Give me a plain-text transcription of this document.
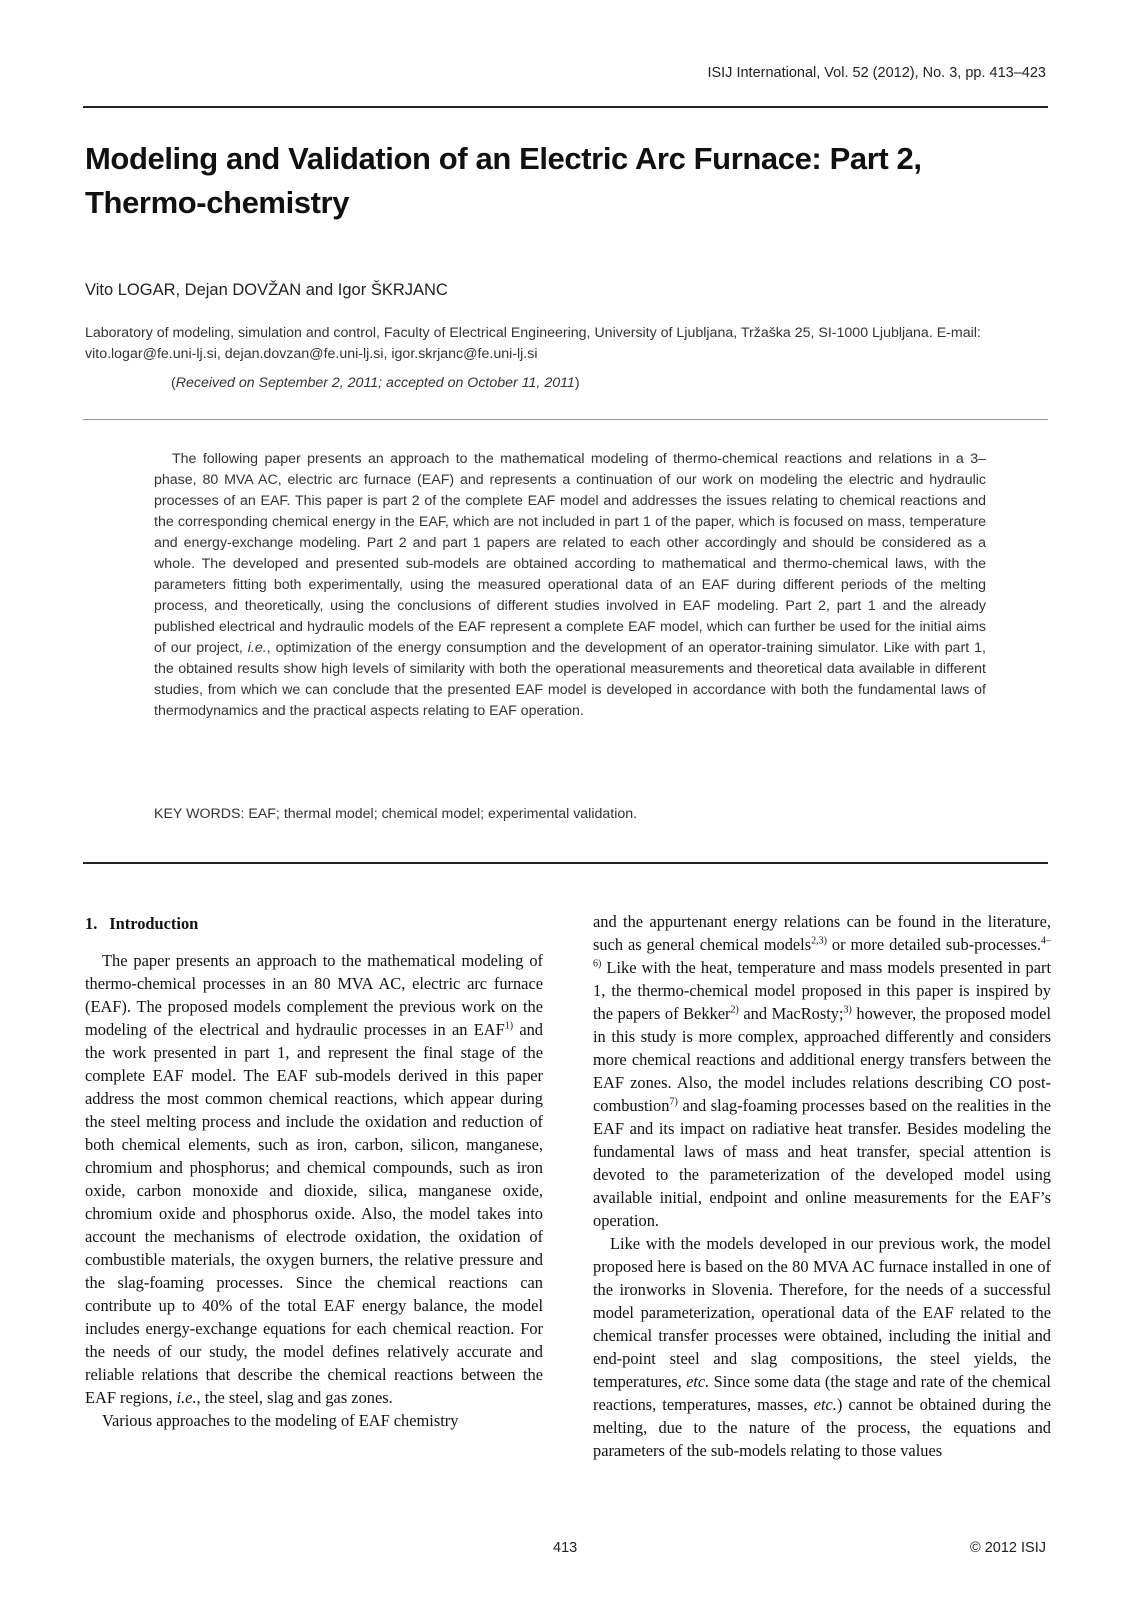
ISIJ International, Vol. 52 (2012), No. 3, pp. 413–423
Modeling and Validation of an Electric Arc Furnace: Part 2,
Thermo-chemistry
Vito LOGAR, Dejan DOVŽAN and Igor ŠKRJANC
Laboratory of modeling, simulation and control, Faculty of Electrical Engineering, University of Ljubljana, Tržaška 25, SI-1000 Ljubljana. E-mail: vito.logar@fe.uni-lj.si, dejan.dovzan@fe.uni-lj.si, igor.skrjanc@fe.uni-lj.si
(Received on September 2, 2011; accepted on October 11, 2011)

The following paper presents an approach to the mathematical modeling of thermo-chemical reactions and relations in a 3–phase, 80 MVA AC, electric arc furnace (EAF) and represents a continuation of our work on modeling the electric and hydraulic processes of an EAF. This paper is part 2 of the complete EAF model and addresses the issues relating to chemical reactions and the corresponding chemical energy in the EAF, which are not included in part 1 of the paper, which is focused on mass, temperature and energy-exchange modeling. Part 2 and part 1 papers are related to each other accordingly and should be considered as a whole. The developed and presented sub-models are obtained according to mathematical and thermo-chemical laws, with the parameters fitting both experimentally, using the measured operational data of an EAF during different periods of the melting process, and theoretically, using the conclusions of different studies involved in EAF modeling. Part 2, part 1 and the already published electrical and hydraulic models of the EAF represent a complete EAF model, which can further be used for the initial aims of our project, i.e., optimization of the energy consumption and the development of an operator-training simulator. Like with part 1, the obtained results show high levels of similarity with both the operational measurements and theoretical data available in different studies, from which we can conclude that the presented EAF model is developed in accordance with both the fundamental laws of thermodynamics and the practical aspects relating to EAF operation.

KEY WORDS: EAF; thermal model; chemical model; experimental validation.
1. Introduction

The paper presents an approach to the mathematical modeling of thermo-chemical processes in an 80 MVA AC, electric arc furnace (EAF). The proposed models complement the previous work on the modeling of the electrical and hydraulic processes in an EAF$^{1)}$ and the work presented in part 1, and represent the final stage of the complete EAF model. The EAF sub-models derived in this paper address the most common chemical reactions, which appear during the steel melting process and include the oxidation and reduction of both chemical elements, such as iron, carbon, silicon, manganese, chromium and phosphorus; and chemical compounds, such as iron oxide, carbon monoxide and dioxide, silica, manganese oxide, chromium oxide and phosphorus oxide. Also, the model takes into account the mechanisms of electrode oxidation, the oxidation of combustible materials, the oxygen burners, the relative pressure and the slag-foaming processes. Since the chemical reactions can contribute up to 40% of the total EAF energy balance, the model includes energy-exchange equations for each chemical reaction. For the needs of our study, the model defines relatively accurate and reliable relations that describe the chemical reactions between the EAF regions, i.e., the steel, slag and gas zones.

Various approaches to the modeling of EAF chemistry

and the appurtenant energy relations can be found in the literature, such as general chemical models$^{2,3)}$ or more detailed sub-processes.$^{4-6)}$ Like with the heat, temperature and mass models presented in part 1, the thermo-chemical model proposed in this paper is inspired by the papers of Bekker$^{2)}$ and MacRosty;$^{3)}$ however, the proposed model in this study is more complex, approached differently and considers more chemical reactions and additional energy transfers between the EAF zones. Also, the model includes relations describing CO post-combustion$^{7)}$ and slag-foaming processes based on the realities in the EAF and its impact on radiative heat transfer. Besides modeling the fundamental laws of mass and heat transfer, special attention is devoted to the parameterization of the developed model using available initial, endpoint and online measurements for the EAF’s operation.

Like with the models developed in our previous work, the model proposed here is based on the 80 MVA AC furnace installed in one of the ironworks in Slovenia. Therefore, for the needs of a successful model parameterization, operational data of the EAF related to the chemical transfer processes were obtained, including the initial and end-point steel and slag compositions, the steel yields, the temperatures, etc. Since some data (the stage and rate of the chemical reactions, temperatures, masses, etc.) cannot be obtained during the melting, due to the nature of the process, the equations and parameters of the sub-models relating to those values

413	© 2012 ISIJ
